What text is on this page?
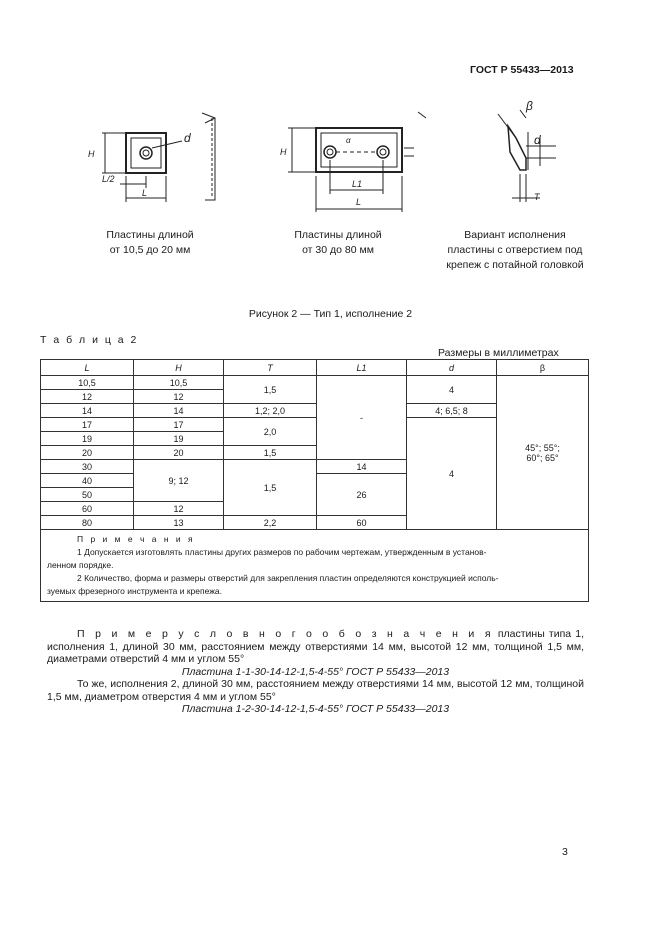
ГОСТ Р 55433—2013
H
d
L/2
L
H
α
L1
L
β
d
T
Пластины длиной
от 10,5 до 20 мм
Пластины длиной
от 30 до 80 мм
Вариант исполнения
пластины с отверстием под
крепеж с потайной головкой
Рисунок 2 — Тип 1, исполнение 2
Т а б л и ц а 2
Размеры в миллиметрах
L	H	T	L1	d	β
10,5	10,5	1,5	-	4	45°; 55°;
60°; 65°

12	12				
14	14	1,2; 2,0		4; 6,5; 8	
17	17	2,0		4	
19	19				
20	20	1,5			
30	9; 12	1,5	14		
40			26		
50					
60	12				
80	13	2,2	60		

П р и м е ч а н и я
1 Допускается изготовлять пластины других размеров по рабочим чертежам, утвержденным в установ-
ленном порядке.
2 Количество, форма и размеры отверстий для закрепления пластин определяются конструкцией исполь-
зуемых фрезерного инструмента и крепежа.					

П р и м е р у с л о в н о г о о б о з н а ч е н и я пластины типа 1, исполнения 1, длиной 30 мм, расстоянием между отверстиями 14 мм, высотой 12 мм, толщиной 1,5 мм, диаметрами отверстий 4 мм и углом 55°

Пластина 1-1-30-14-12-1,5-4-55° ГОСТ Р 55433—2013

То же, исполнения 2, длиной 30 мм, расстоянием между отверстиями 14 мм, высотой 12 мм, толщиной 1,5 мм, диаметром отверстия 4 мм и углом 55°

Пластина 1-2-30-14-12-1,5-4-55° ГОСТ Р 55433—2013

3
